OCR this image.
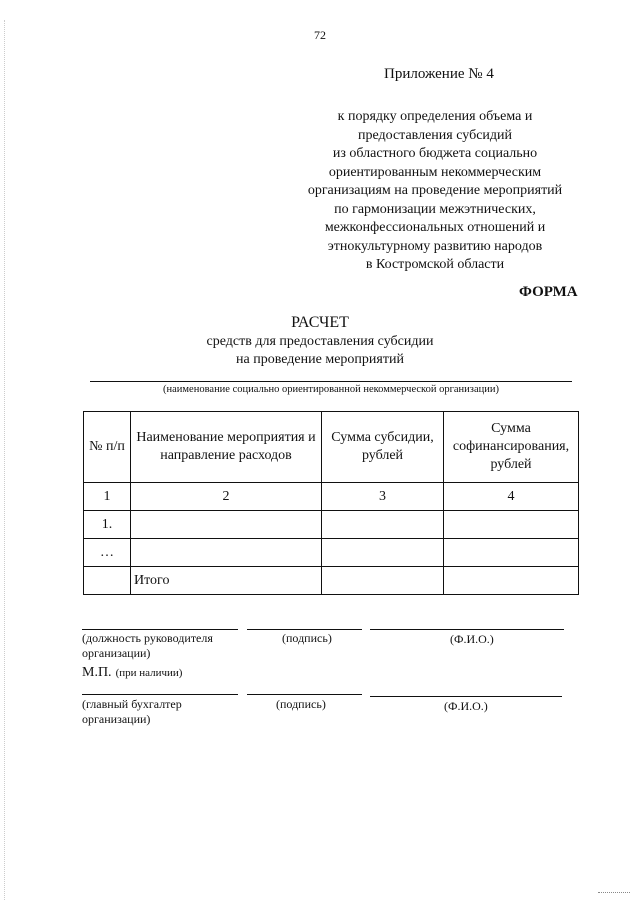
72
Приложение № 4
к порядку определения объема и
предоставления субсидий
из областного бюджета социально
ориентированным некоммерческим
организациям на проведение мероприятий
по гармонизации межэтнических,
межконфессиональных отношений и
этнокультурному развитию народов
в Костромской области
ФОРМА
РАСЧЕТ
средств для предоставления субсидии
на проведение мероприятий
(наименование социально ориентированной некоммерческой организации)
№ п/п	Наименование мероприятия и направление расходов	Сумма субсидии, рублей	Сумма софинансирования, рублей
1	2	3	4
1.			
…			
	Итого		
(должность руководителя
организации)
(подпись)	(Ф.И.О.)
М.П. (при наличии)
(главный бухгалтер
организации)
(подпись)	(Ф.И.О.)
